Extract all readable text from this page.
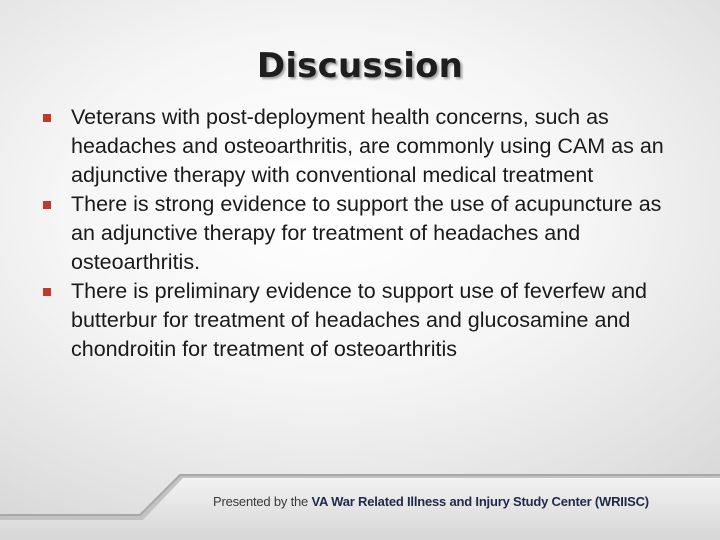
Discussion
Veterans with post-deployment health concerns, such as headaches and osteoarthritis, are commonly using CAM as an adjunctive therapy with conventional medical treatment
There is strong evidence to support the use of acupuncture as an adjunctive therapy for treatment of headaches and osteoarthritis.
There is preliminary evidence to support use of feverfew and butterbur for treatment of headaches and glucosamine and chondroitin for treatment of osteoarthritis
Presented by the VA War Related Illness and Injury Study Center (WRIISC)
